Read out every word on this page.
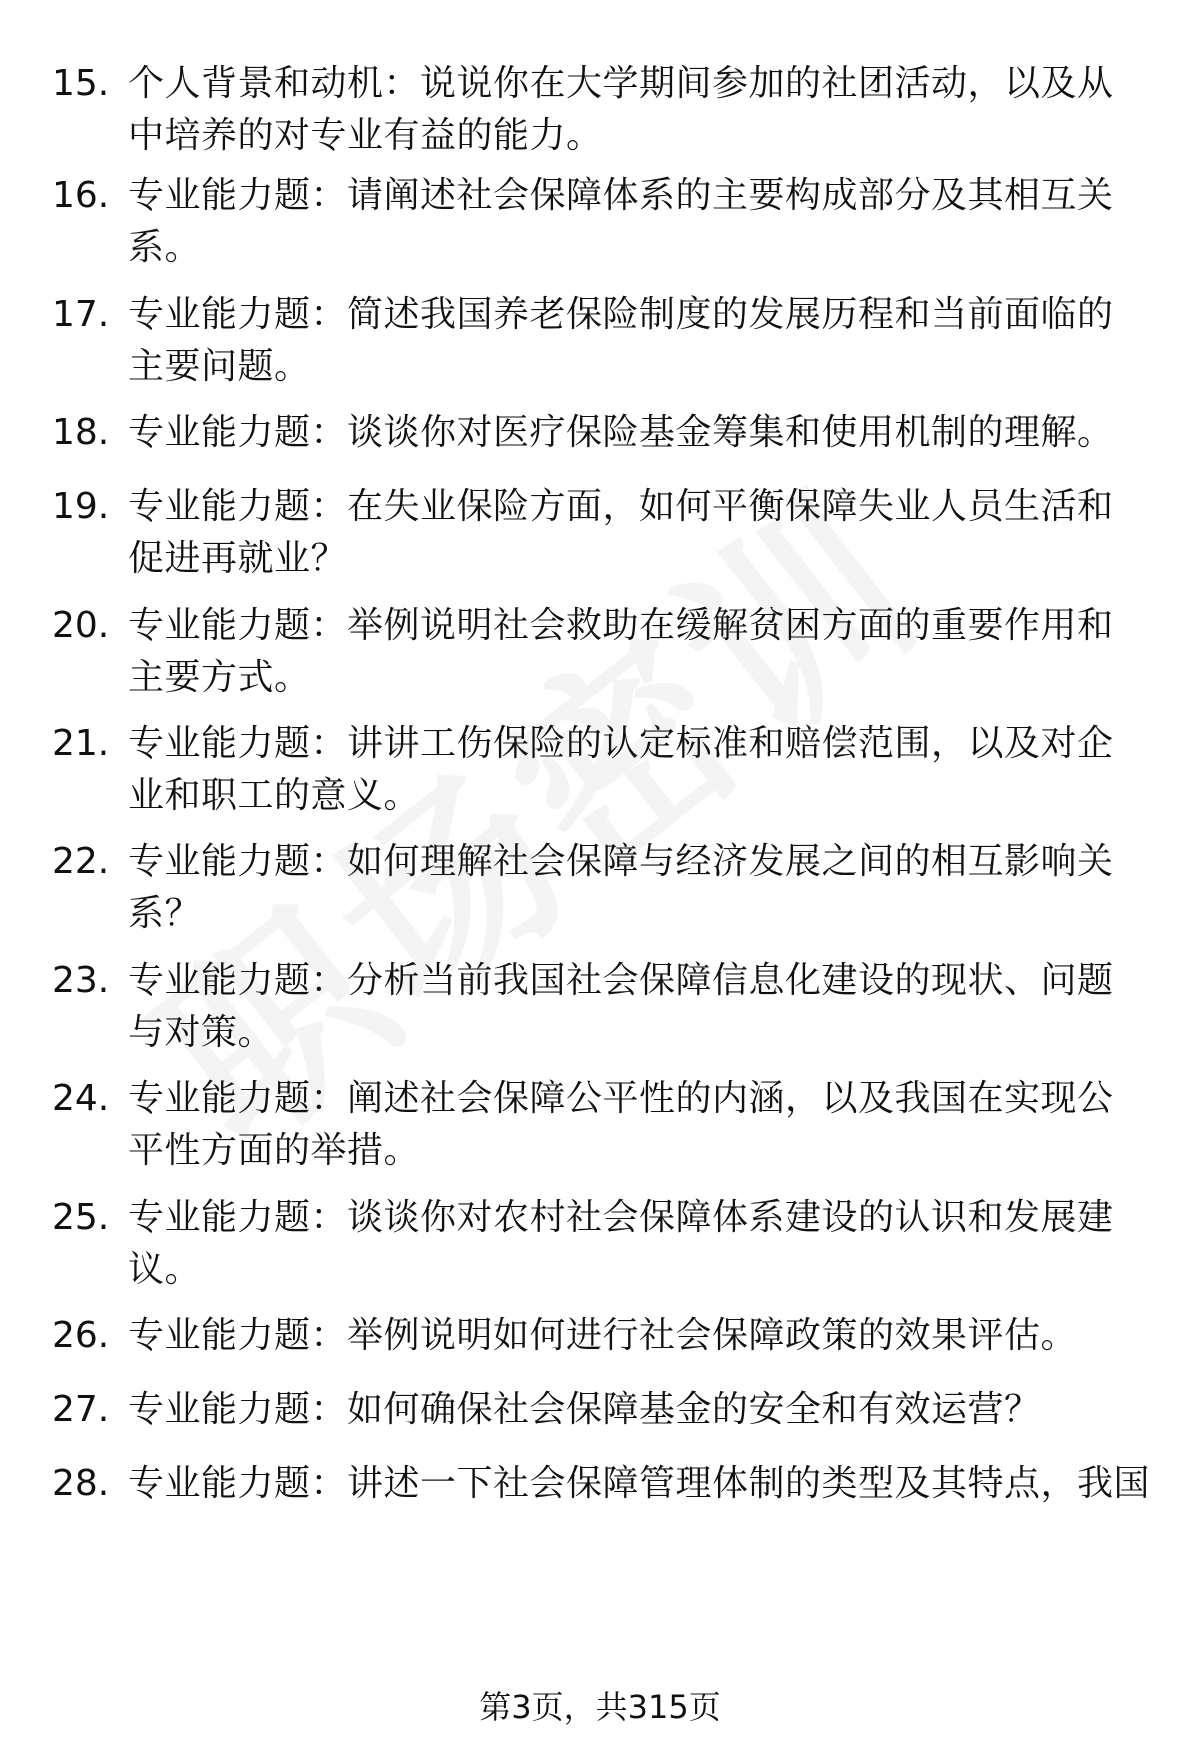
15. 个人背景和动机：说说你在大学期间参加的社团活动，以及从中培养的对专业有益的能力。
16. 专业能力题：请阐述社会保障体系的主要构成部分及其相互关系。
17. 专业能力题：简述我国养老保险制度的发展历程和当前面临的主要问题。
18. 专业能力题：谈谈你对医疗保险基金筹集和使用机制的理解。
19. 专业能力题：在失业保险方面，如何平衡保障失业人员生活和促进再就业？
20. 专业能力题：举例说明社会救助在缓解贫困方面的重要作用和主要方式。
21. 专业能力题：讲讲工伤保险的认定标准和赔偿范围，以及对企业和职工的意义。
22. 专业能力题：如何理解社会保障与经济发展之间的相互影响关系？
23. 专业能力题：分析当前我国社会保障信息化建设的现状、问题与对策。
24. 专业能力题：阐述社会保障公平性的内涵，以及我国在实现公平性方面的举措。
25. 专业能力题：谈谈你对农村社会保障体系建设的认识和发展建议。
26. 专业能力题：举例说明如何进行社会保障政策的效果评估。
27. 专业能力题：如何确保社会保障基金的安全和有效运营？
28. 专业能力题：讲述一下社会保障管理体制的类型及其特点，我国
第3页，共315页
